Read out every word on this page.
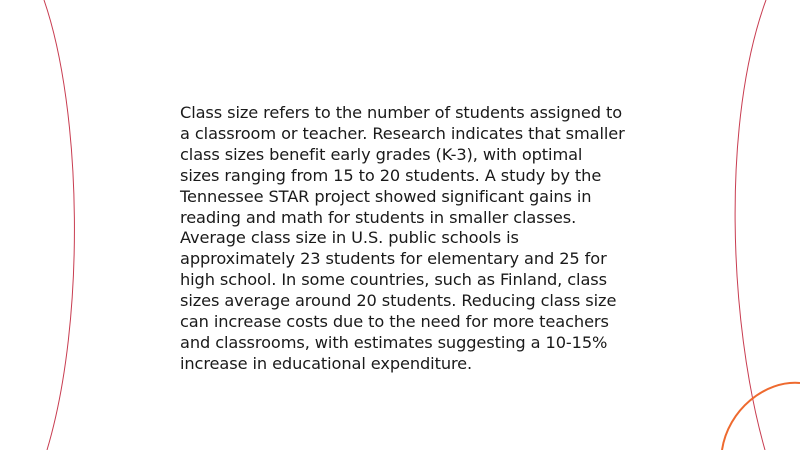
Class size refers to the number of students assigned to a classroom or teacher. Research indicates that smaller class sizes benefit early grades (K-3), with optimal sizes ranging from 15 to 20 students. A study by the Tennessee STAR project showed significant gains in reading and math for students in smaller classes. Average class size in U.S. public schools is approximately 23 students for elementary and 25 for high school. In some countries, such as Finland, class sizes average around 20 students. Reducing class size can increase costs due to the need for more teachers and classrooms, with estimates suggesting a 10-15% increase in educational expenditure.
